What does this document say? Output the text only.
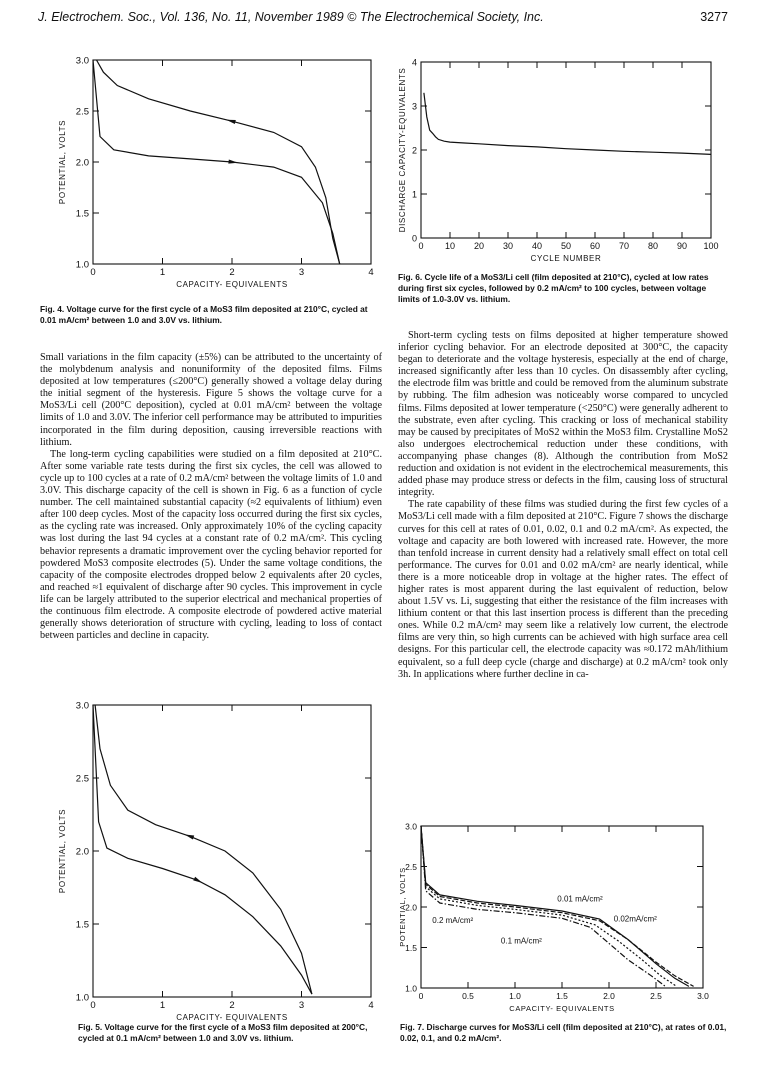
J. Electrochem. Soc., Vol. 136, No. 11, November 1989 © The Electrochemical Society, Inc.	3277
0	1	2	3	4
1.0
1.5
2.0
2.5
3.0
CAPACITY- EQUIVALENTS
POTENTIAL, VOLTS
Fig. 4. Voltage curve for the first cycle of a MoS3 film deposited at 210°C, cycled at 0.01 mA/cm² between 1.0 and 3.0V vs. lithium.
0 10 20 30 40 50 60 70 80 90 100
0
1
2
3
4
CYCLE NUMBER
DISCHARGE CAPACITY-EQUIVALENTS
Fig. 6. Cycle life of a MoS3/Li cell (film deposited at 210°C), cycled at low rates during first six cycles, followed by 0.2 mA/cm² to 100 cycles, between voltage limits of 1.0-3.0V vs. lithium.

Small variations in the film capacity (±5%) can be attributed to the uncertainty of the molybdenum analysis and nonuniformity of the deposited films. Films deposited at low temperatures (≤200°C) generally showed a voltage delay during the initial segment of the hysteresis. Figure 5 shows the voltage curve for a MoS3/Li cell (200°C deposition), cycled at 0.01 mA/cm² between the voltage limits of 1.0 and 3.0V. The inferior cell performance may be attributed to impurities incorporated in the film during deposition, causing irreversible reactions with lithium.

The long-term cycling capabilities were studied on a film deposited at 210°C. After some variable rate tests during the first six cycles, the cell was allowed to cycle up to 100 cycles at a rate of 0.2 mA/cm² between the voltage limits of 1.0 and 3.0V. This discharge capacity of the cell is shown in Fig. 6 as a function of cycle number. The cell maintained substantial capacity (≈2 equivalents of lithium) even after 100 deep cycles. Most of the capacity loss occurred during the first six cycles, as the cycling rate was increased. Only approximately 10% of the cycling capacity was lost during the last 94 cycles at a constant rate of 0.2 mA/cm². This cycling behavior represents a dramatic improvement over the cycling behavior reported for powdered MoS3 composite electrodes (5). Under the same voltage conditions, the capacity of the composite electrodes dropped below 2 equivalents after 20 cycles, and reached ≈1 equivalent of discharge after 90 cycles. This improvement in cycle life can be largely attributed to the superior electrical and mechanical properties of the continuous film electrode. A composite electrode of powdered active material generally shows deterioration of structure with cycling, leading to loss of contact between particles and decline in capacity.

Short-term cycling tests on films deposited at higher temperature showed inferior cycling behavior. For an electrode deposited at 300°C, the capacity began to deteriorate and the voltage hysteresis, especially at the end of charge, increased significantly after less than 10 cycles. On disassembly after cycling, the electrode film was brittle and could be removed from the aluminum substrate by rubbing. The film adhesion was noticeably worse compared to uncycled films. Films deposited at lower temperature (<250°C) were generally adherent to the substrate, even after cycling. This cracking or loss of mechanical stability may be caused by precipitates of MoS2 within the MoS3 film. Crystalline MoS2 also undergoes electrochemical reduction under these conditions, with accompanying phase changes (8). Although the contribution from MoS2 reduction and oxidation is not evident in the electrochemical measurements, this added phase may produce stress or defects in the film, causing loss of structural integrity.

The rate capability of these films was studied during the first few cycles of a MoS3/Li cell made with a film deposited at 210°C. Figure 7 shows the discharge curves for this cell at rates of 0.01, 0.02, 0.1 and 0.2 mA/cm². As expected, the voltage and capacity are both lowered with increased rate. However, the more than tenfold increase in current density had a relatively small effect on total cell performance. The curves for 0.01 and 0.02 mA/cm² are nearly identical, while there is a more noticeable drop in voltage at the higher rates. The effect of higher rates is most apparent during the last equivalent of reduction, below about 1.5V vs. Li, suggesting that either the resistance of the film increases with lithium content or that this last insertion process is different than the preceding ones. While 0.2 mA/cm² may seem like a relatively low current, the electrode films are very thin, so high currents can be achieved with high surface area cell designs. For this particular cell, the electrode capacity was ≈0.172 mAh/lithium equivalent, so a full deep cycle (charge and discharge) at 0.2 mA/cm² took only 3h. In applications where further decline in ca-

0	1	2	3	4
1.0
1.5
2.0
2.5
3.0
CAPACITY- EQUIVALENTS
POTENTIAL, VOLTS
Fig. 5. Voltage curve for the first cycle of a MoS3 film deposited at 200°C, cycled at 0.1 mA/cm² between 1.0 and 3.0V vs. lithium.
0	0.5	1.0	1.5	2.0	2.5	3.0
1.0
1.5
2.0
2.5
3.0
CAPACITY- EQUIVALENTS
POTENTIAL, VOLTS	0.01 mA/cm²
0.02mA/cm²
0.2 mA/cm²
0.1 mA/cm²
Fig. 7. Discharge curves for MoS3/Li cell (film deposited at 210°C), at rates of 0.01, 0.02, 0.1, and 0.2 mA/cm².
